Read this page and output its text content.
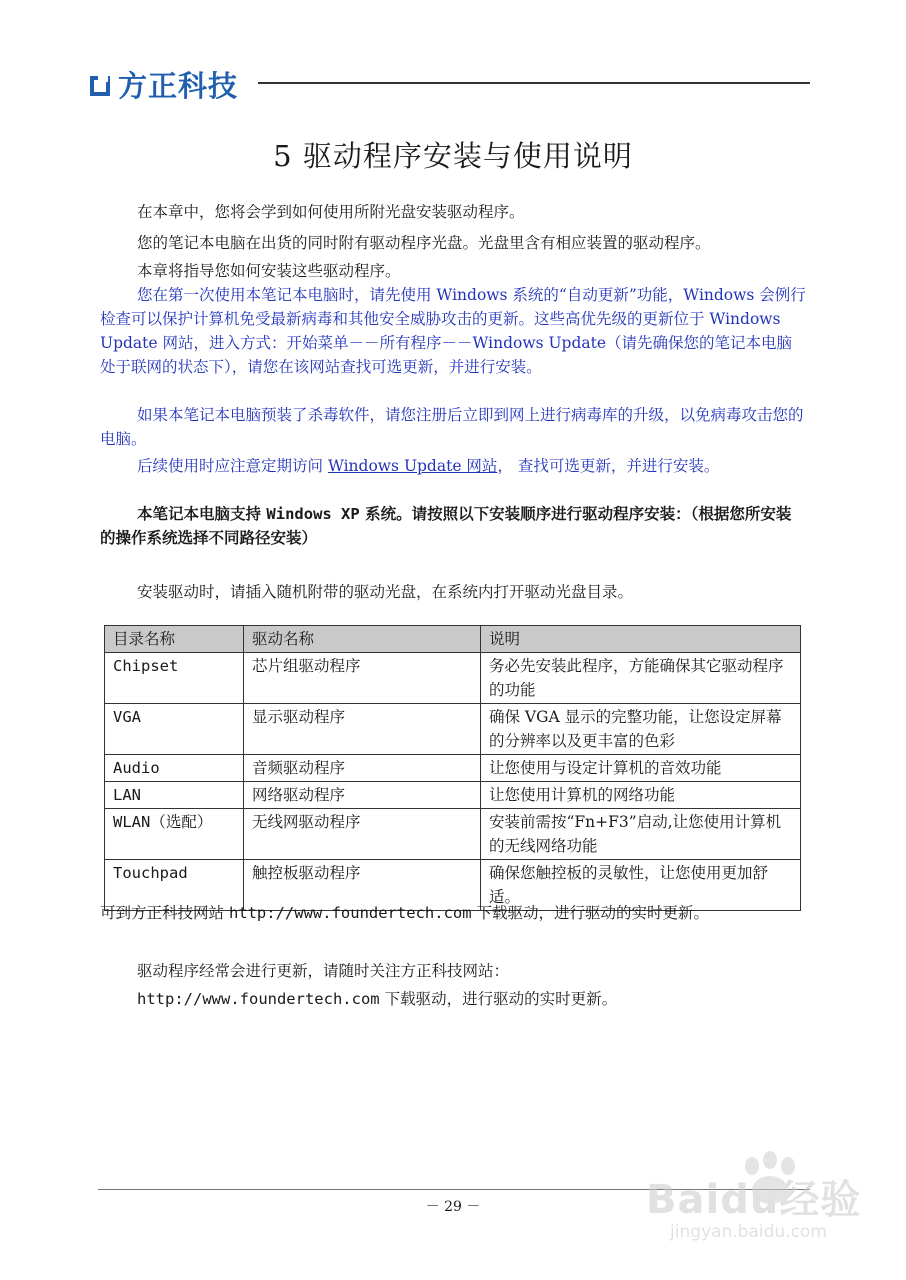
方正科技
5 驱动程序安装与使用说明

在本章中，您将会学到如何使用所附光盘安装驱动程序。

您的笔记本电脑在出货的同时附有驱动程序光盘。光盘里含有相应装置的驱动程序。

本章将指导您如何安装这些驱动程序。

您在第一次使用本笔记本电脑时，请先使用 Windows 系统的“自动更新”功能，Windows 会例行检查可以保护计算机免受最新病毒和其他安全威胁攻击的更新。这些高优先级的更新位于 Windows Update 网站，进入方式：开始菜单－－所有程序－－Windows Update（请先确保您的笔记本电脑处于联网的状态下），请您在该网站查找可选更新，并进行安装。

如果本笔记本电脑预装了杀毒软件，请您注册后立即到网上进行病毒库的升级，以免病毒攻击您的电脑。

后续使用时应注意定期访问 Windows Update 网站， 查找可选更新，并进行安装。

本笔记本电脑支持 Windows XP 系统。请按照以下安装顺序进行驱动程序安装：（根据您所安装的操作系统选择不同路径安装）

安装驱动时，请插入随机附带的驱动光盘，在系统内打开驱动光盘目录。

目录名称	驱动名称	说明
Chipset	芯片组驱动程序	务必先安装此程序，方能确保其它驱动程序的功能
VGA	显示驱动程序	确保 VGA 显示的完整功能，让您设定屏幕的分辨率以及更丰富的色彩
Audio	音频驱动程序	让您使用与设定计算机的音效功能
LAN	网络驱动程序	让您使用计算机的网络功能
WLAN（选配）	无线网驱动程序	安装前需按“Fn+F3”启动,让您使用计算机的无线网络功能
Touchpad	触控板驱动程序	确保您触控板的灵敏性，让您使用更加舒适。

可到方正科技网站 http://www.foundertech.com 下载驱动，进行驱动的实时更新。

驱动程序经常会进行更新，请随时关注方正科技网站：

http://www.foundertech.com 下载驱动，进行驱动的实时更新。

－ 29 －	Baidu经验
jingyan.baidu.com
